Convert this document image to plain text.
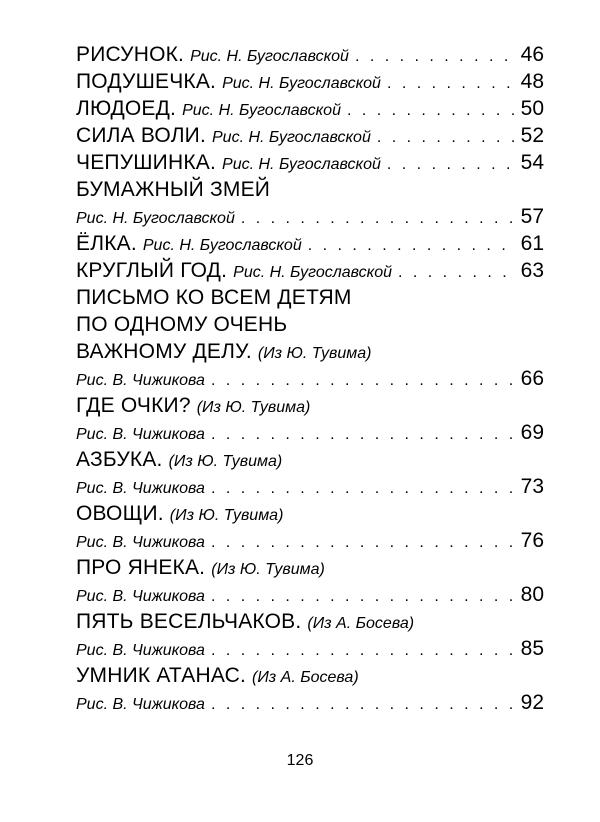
РИСУНОК. Рис. Н. Бугославской . . .	46
ПОДУШЕЧКА. Рис. Н. Бугославской . . .	48
ЛЮДОЕД. Рис. Н. Бугославской . . .	50
СИЛА ВОЛИ. Рис. Н. Бугославской . . .	52
ЧЕПУШИНКА. Рис. Н. Бугославской . . .	54
БУМАЖНЫЙ ЗМЕЙ
Рис. Н. Бугославской . . .	57
ЁЛКА. Рис. Н. Бугославской . . .	61
КРУГЛЫЙ ГОД. Рис. Н. Бугославской . . .	63
ПИСЬМО КО ВСЕМ ДЕТЯМ
ПО ОДНОМУ ОЧЕНЬ
ВАЖНОМУ ДЕЛУ. (Из Ю. Тувима)
Рис. В. Чижикова . . .	66
ГДЕ ОЧКИ? (Из Ю. Тувима)
Рис. В. Чижикова . . .	69
АЗБУКА. (Из Ю. Тувима)
Рис. В. Чижикова . . .	73
ОВОЩИ. (Из Ю. Тувима)
Рис. В. Чижикова . . .	76
ПРО ЯНЕКА. (Из Ю. Тувима)
Рис. В. Чижикова . . .	80
ПЯТЬ ВЕСЕЛЬЧАКОВ. (Из А. Босева)
Рис. В. Чижикова . . .	85
УМНИК АТАНАС. (Из А. Босева)
Рис. В. Чижикова . . .	92
126
